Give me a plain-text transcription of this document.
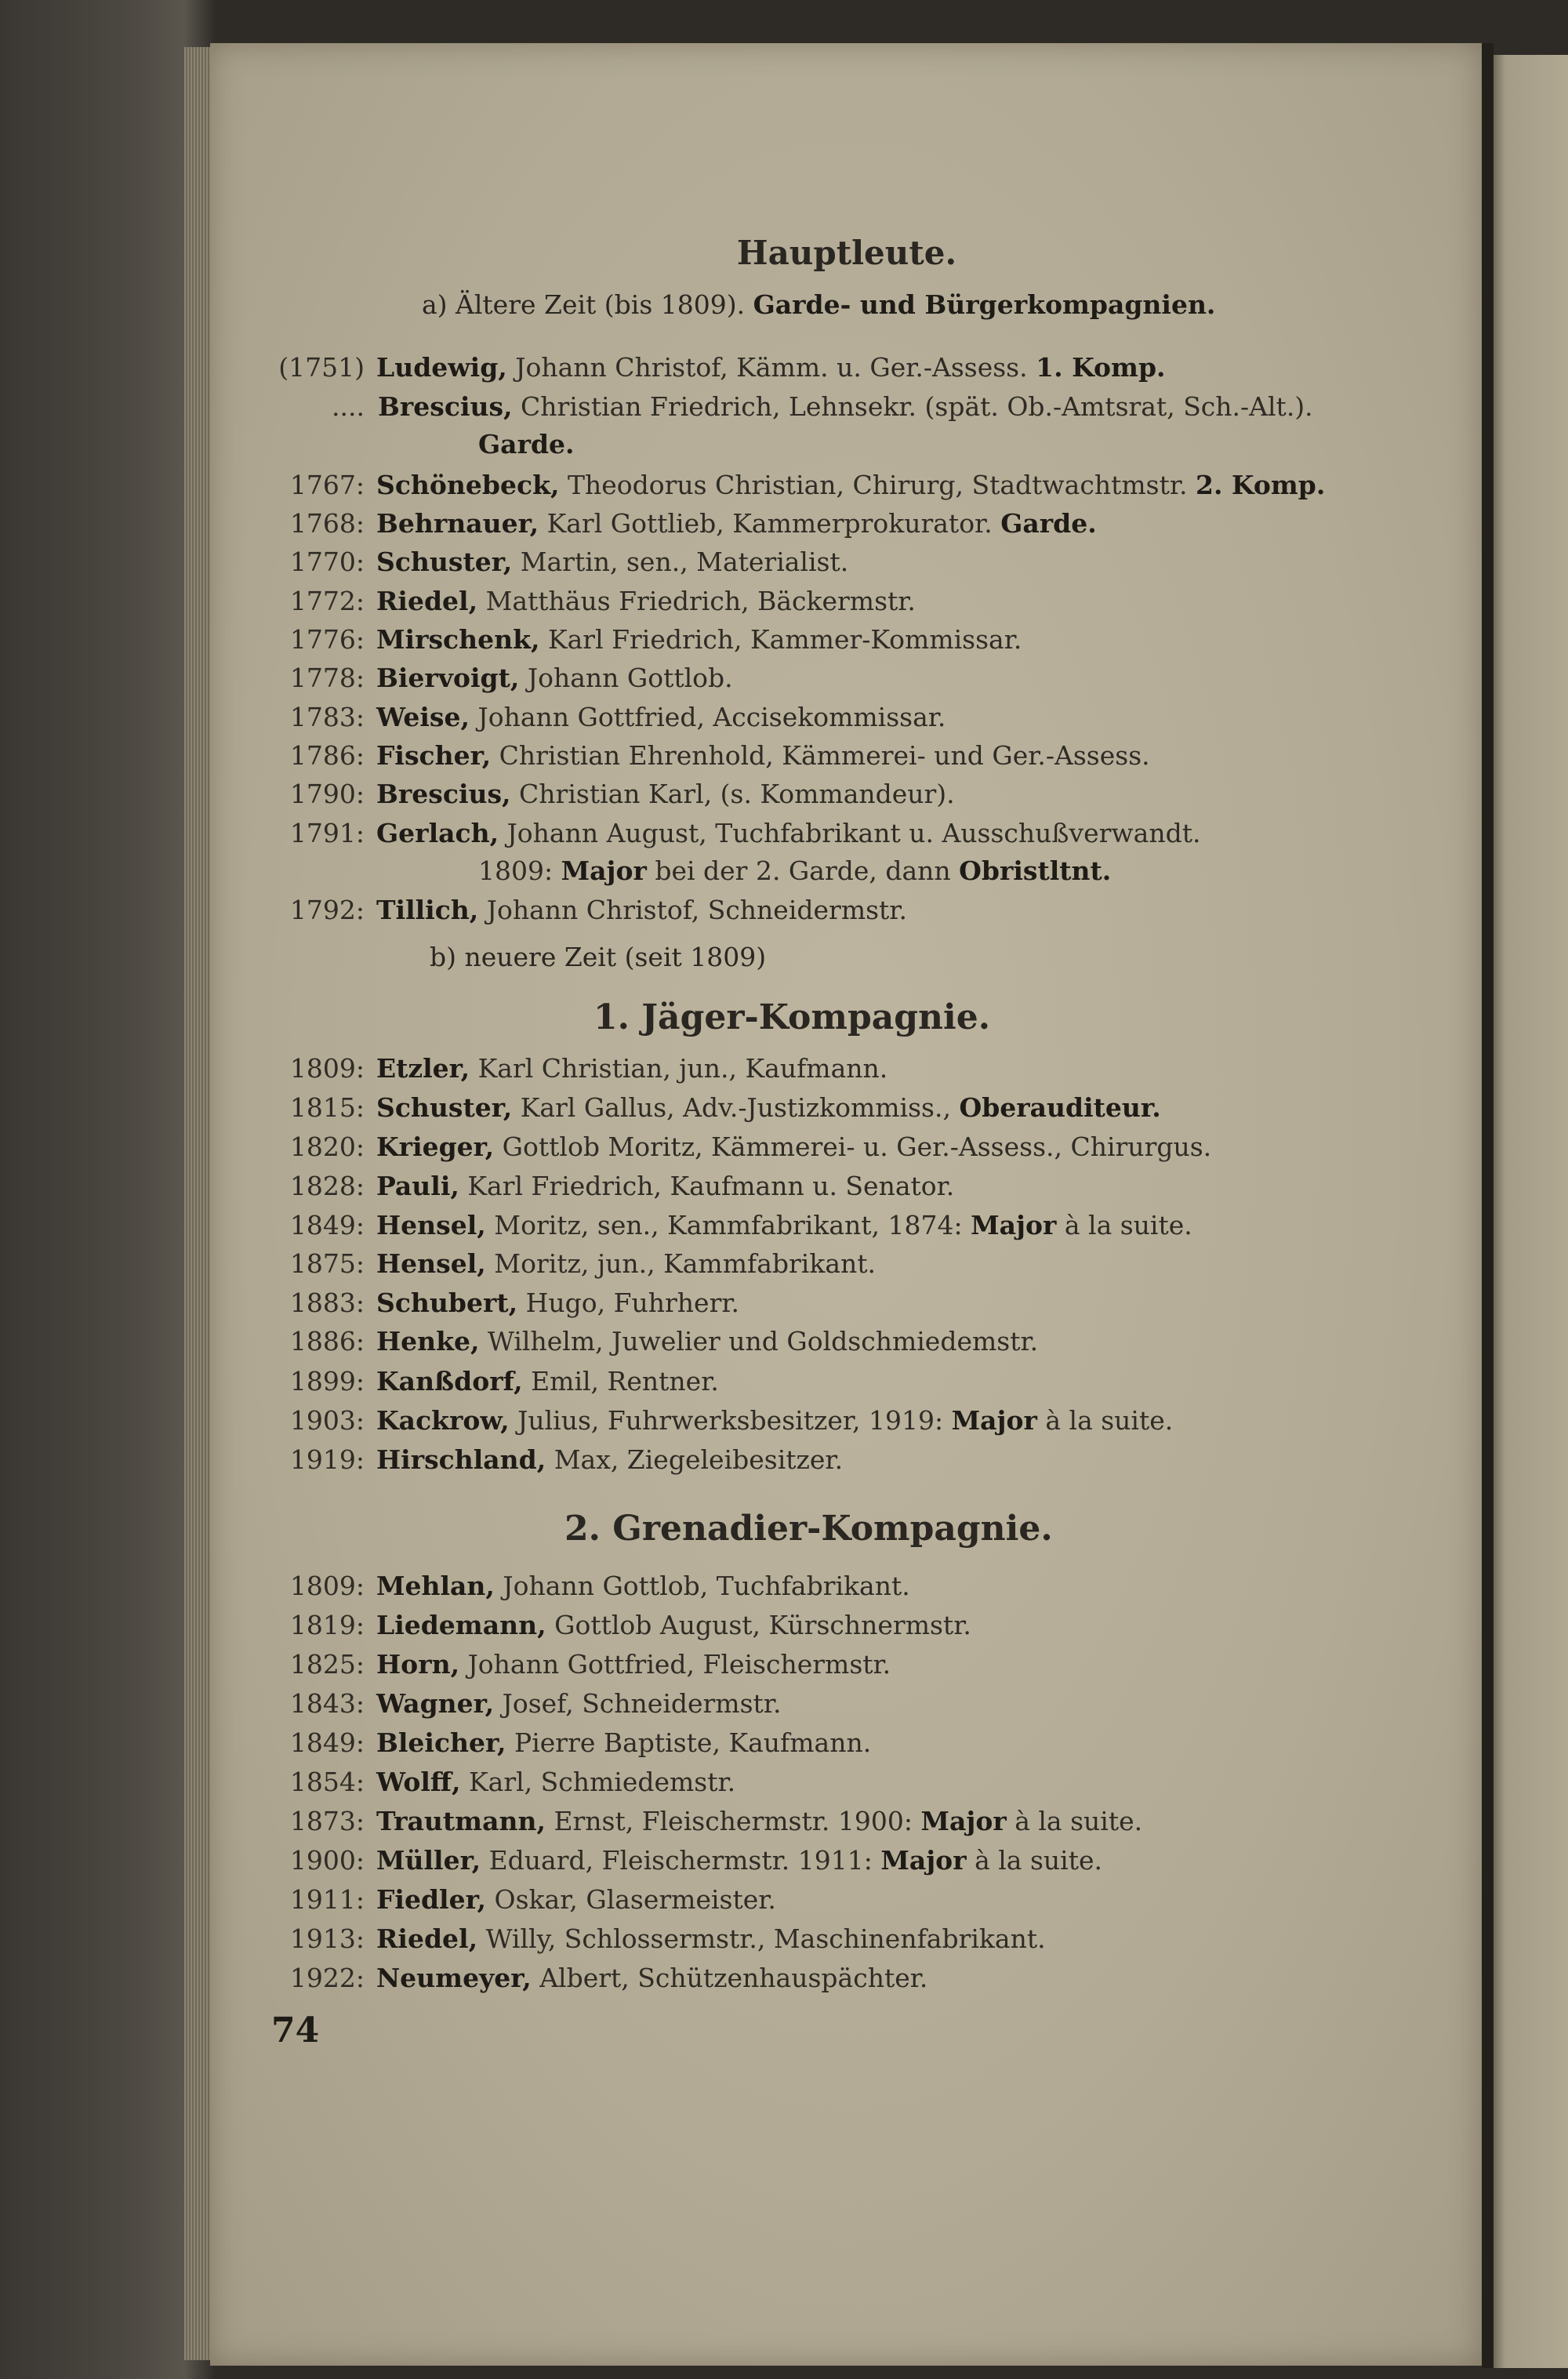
Hauptleute.
a) Ältere Zeit (bis 1809). Garde- und Bürgerkompagnien.
(1751) Ludewig, Johann Christof, Kämm. u. Ger.-Assess. 1. Komp.
.... Brescius, Christian Friedrich, Lehnsekr. (spät. Ob.-Amtsrat, Sch.-Alt.).
Garde.
1767: Schönebeck, Theodorus Christian, Chirurg, Stadtwachtmstr. 2. Komp.
1768: Behrnauer, Karl Gottlieb, Kammerprokurator. Garde.
1770: Schuster, Martin, sen., Materialist.
1772: Riedel, Matthäus Friedrich, Bäckermstr.
1776: Mirschenk, Karl Friedrich, Kammer-Kommissar.
1778: Biervoigt, Johann Gottlob.
1783: Weise, Johann Gottfried, Accisekommissar.
1786: Fischer, Christian Ehrenhold, Kämmerei- und Ger.-Assess.
1790: Brescius, Christian Karl, (s. Kommandeur).
1791: Gerlach, Johann August, Tuchfabrikant u. Ausschußverwandt.
1809: Major bei der 2. Garde, dann Obristltnt.
1792: Tillich, Johann Christof, Schneidermstr.
b) neuere Zeit (seit 1809)
1. Jäger-Kompagnie.
1809: Etzler, Karl Christian, jun., Kaufmann.
1815: Schuster, Karl Gallus, Adv.-Justizkommiss., Oberauditeur.
1820: Krieger, Gottlob Moritz, Kämmerei- u. Ger.-Assess., Chirurgus.
1828: Pauli, Karl Friedrich, Kaufmann u. Senator.
1849: Hensel, Moritz, sen., Kammfabrikant, 1874: Major à la suite.
1875: Hensel, Moritz, jun., Kammfabrikant.
1883: Schubert, Hugo, Fuhrherr.
1886: Henke, Wilhelm, Juwelier und Goldschmiedemstr.
1899: Kanßdorf, Emil, Rentner.
1903: Kackrow, Julius, Fuhrwerksbesitzer, 1919: Major à la suite.
1919: Hirschland, Max, Ziegeleibesitzer.
2. Grenadier-Kompagnie.
1809: Mehlan, Johann Gottlob, Tuchfabrikant.
1819: Liedemann, Gottlob August, Kürschnermstr.
1825: Horn, Johann Gottfried, Fleischermstr.
1843: Wagner, Josef, Schneidermstr.
1849: Bleicher, Pierre Baptiste, Kaufmann.
1854: Wolff, Karl, Schmiedemstr.
1873: Trautmann, Ernst, Fleischermstr. 1900: Major à la suite.
1900: Müller, Eduard, Fleischermstr. 1911: Major à la suite.
1911: Fiedler, Oskar, Glasermeister.
1913: Riedel, Willy, Schlossermstr., Maschinenfabrikant.
1922: Neumeyer, Albert, Schützenhauspächter.
74
